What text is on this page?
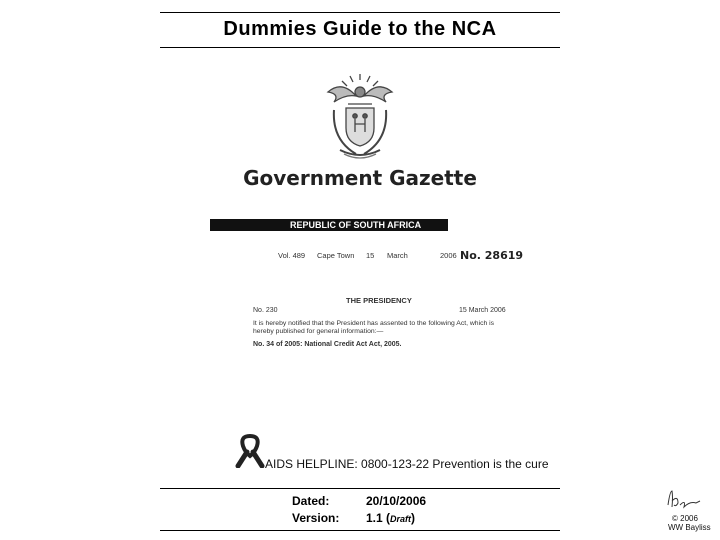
Dummies Guide to the NCA
Government Gazette
REPUBLIC OF SOUTH AFRICA
Vol. 489 Cape Town 15 March	2006 No. 28619
THE PRESIDENCY
No. 230	15 March 2006
It is hereby notified that the President has assented to the following Act, which is
hereby published for general information:—
No. 34 of 2005: National Credit Act Act, 2005.
AIDS HELPLINE: 0800-123-22 Prevention is the cure
Dated:	20/10/2006
Version: 1.1 (Draft)	© 2006
WW Bayliss
